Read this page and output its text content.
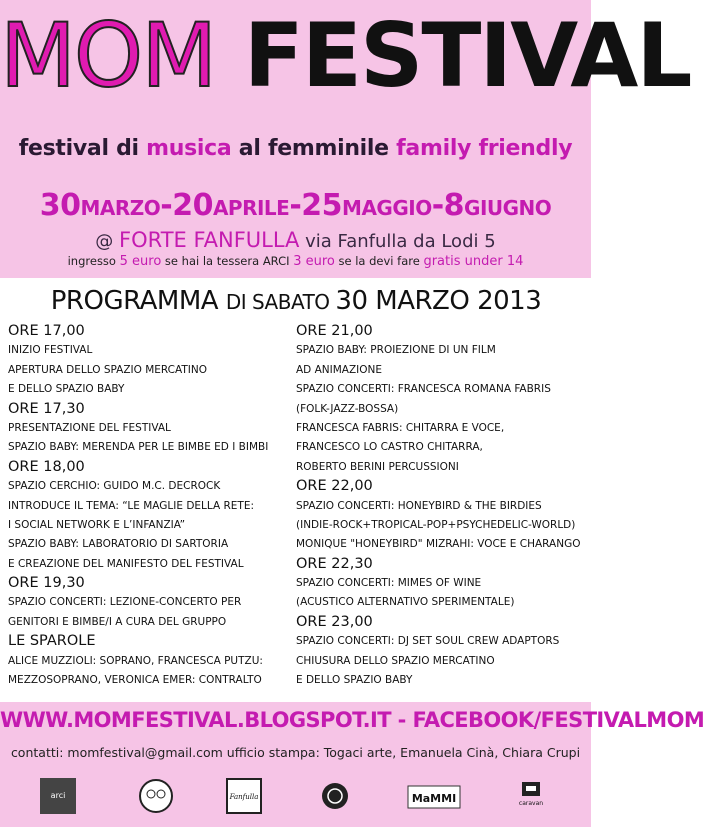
MOM FESTIVAL
festival di musica al femminile family friendly
30MARZO-20APRILE-25MAGGIO-8GIUGNO
@ FORTE FANFULLA via Fanfulla da Lodi 5
ingresso 5 euro se hai la tessera ARCI 3 euro se la devi fare gratis under 14
PROGRAMMA DI SABATO 30 MARZO 2013
ORE 17,00
INIZIO FESTIVAL
APERTURA DELLO SPAZIO MERCATINO
E DELLO SPAZIO BABY
ORE 17,30
PRESENTAZIONE DEL FESTIVAL
SPAZIO BABY: MERENDA PER LE BIMBE ED I BIMBI
ORE 18,00
SPAZIO CERCHIO: GUIDO M.C. DECROCK
INTRODUCE IL TEMA: “LE MAGLIE DELLA RETE:
I SOCIAL NETWORK E L’INFANZIA”
SPAZIO BABY: LABORATORIO DI SARTORIA
E CREAZIONE DEL MANIFESTO DEL FESTIVAL
ORE 19,30
SPAZIO CONCERTI: LEZIONE-CONCERTO PER
GENITORI E BIMBE/I A CURA DEL GRUPPO
LE SPAROLE
ALICE MUZZIOLI: SOPRANO, FRANCESCA PUTZU:
MEZZOSOPRANO, VERONICA EMER: CONTRALTO
ORE 21,00
SPAZIO BABY: PROIEZIONE DI UN FILM
AD ANIMAZIONE
SPAZIO CONCERTI: FRANCESCA ROMANA FABRIS
(FOLK-JAZZ-BOSSA)
FRANCESCA FABRIS: CHITARRA E VOCE,
FRANCESCO LO CASTRO CHITARRA,
ROBERTO BERINI PERCUSSIONI
ORE 22,00
SPAZIO CONCERTI: HONEYBIRD & THE BIRDIES
(INDIE-ROCK+TROPICAL-POP+PSYCHEDELIC-WORLD)
MONIQUE "HONEYBIRD" MIZRAHI: VOCE E CHARANGO
ORE 22,30
SPAZIO CONCERTI: MIMES OF WINE
(ACUSTICO ALTERNATIVO SPERIMENTALE)
ORE 23,00
SPAZIO CONCERTI: DJ SET SOUL CREW ADAPTORS
CHIUSURA DELLO SPAZIO MERCATINO
E DELLO SPAZIO BABY
WWW.MOMFESTIVAL.BLOGSPOT.IT - FACEBOOK/FESTIVALMOM
contatti: momfestival@gmail.com ufficio stampa: Togaci arte, Emanuela Cinà, Chiara Crupi
arci	Fanfulla	MaMMI	caravan
